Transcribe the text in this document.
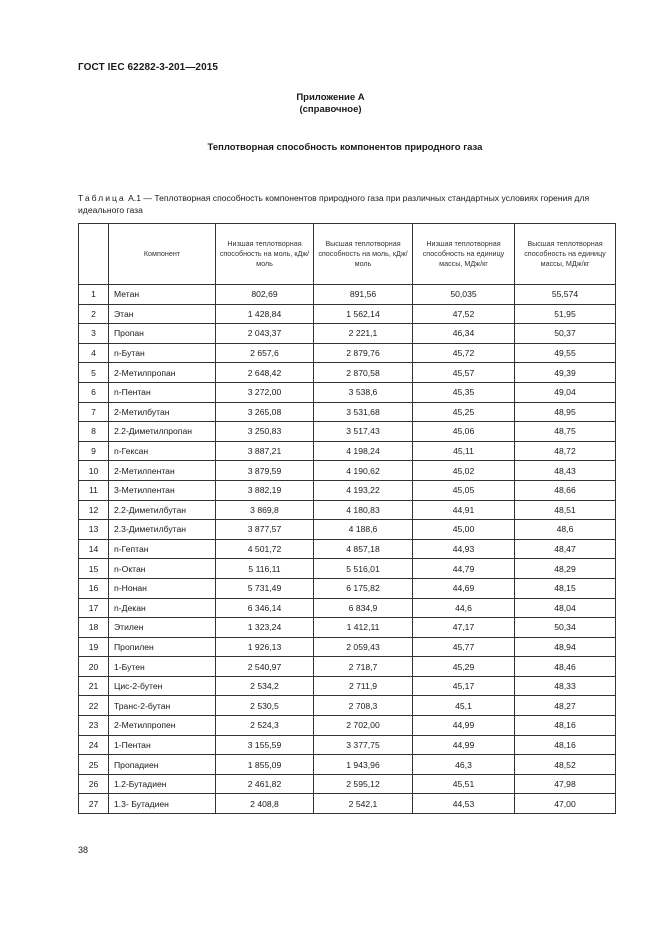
ГОСТ IEC 62282-3-201—2015
Приложение А
(справочное)
Теплотворная способность компонентов природного газа
Таблица А.1 — Теплотворная способность компонентов природного газа при различных стандартных условиях горения для идеального газа
	Компонент	Низшая теплотворная способность на моль, кДж/моль	Высшая теплотворная способность на моль, кДж/моль	Низшая теплотворная способность на единицу массы, МДж/кг	Высшая теплотворная способность на единицу массы, МДж/кг
1	Метан	802,69	891,56	50,035	55,574
2	Этан	1 428,84	1 562,14	47,52	51,95
3	Пропан	2 043,37	2 221,1	46,34	50,37
4	n-Бутан	2 657,6	2 879,76	45,72	49,55
5	2-Метилпропан	2 648,42	2 870,58	45,57	49,39
6	n-Пентан	3 272,00	3 538,6	45,35	49,04
7	2-Метилбутан	3 265,08	3 531,68	45,25	48,95
8	2.2-Диметилпропан	3 250,83	3 517,43	45,06	48,75
9	n-Гексан	3 887,21	4 198,24	45,11	48,72
10	2-Метилпентан	3 879,59	4 190,62	45,02	48,43
11	3-Метилпентан	3 882,19	4 193,22	45,05	48,66
12	2.2-Диметилбутан	3 869,8	4 180,83	44,91	48,51
13	2.3-Диметилбутан	3 877,57	4 188,6	45,00	48,6
14	n-Гептан	4 501,72	4 857,18	44,93	48,47
15	n-Октан	5 116,11	5 516,01	44,79	48,29
16	n-Нонан	5 731,49	6 175,82	44,69	48,15
17	n-Декан	6 346,14	6 834,9	44,6	48,04
18	Этилен	1 323,24	1 412,11	47,17	50,34
19	Пропилен	1 926,13	2 059,43	45,77	48,94
20	1-Бутен	2 540,97	2 718,7	45,29	48,46
21	Цис-2-бутен	2 534,2	2 711,9	45,17	48,33
22	Транс-2-бутан	2 530,5	2 708,3	45,1	48,27
23	2-Метилпропен	2 524,3	2 702,00	44,99	48,16
24	1-Пентан	3 155,59	3 377,75	44,99	48,16
25	Пропадиен	1 855,09	1 943,96	46,3	48,52
26	1.2-Бутадиен	2 461,82	2 595,12	45,51	47,98
27	1.3- Бутадиен	2 408,8	2 542,1	44,53	47,00
38
